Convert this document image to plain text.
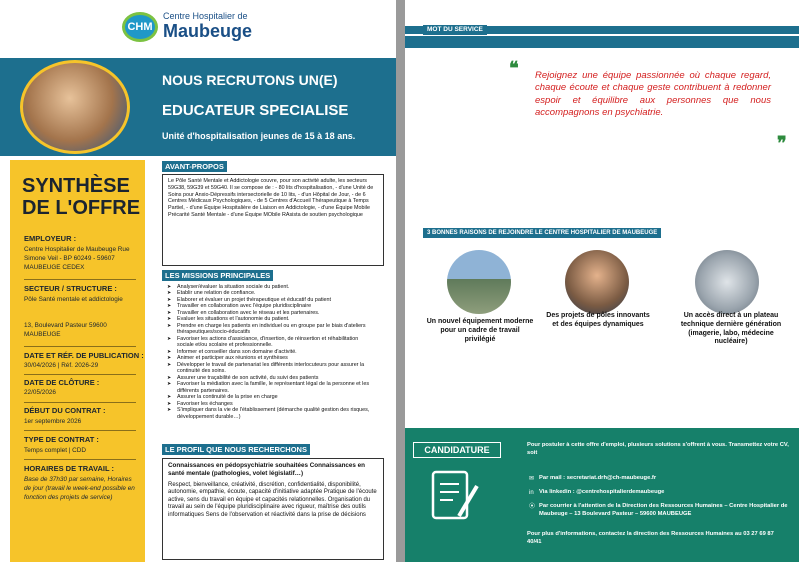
CHM
Centre Hospitalier de
Maubeuge
NOUS RECRUTONS UN(E)
EDUCATEUR SPECIALISE
Unité d'hospitalisation jeunes de 15 à 18 ans.
SYNTHÈSE
DE L'OFFRE
EMPLOYEUR :
Centre Hospitalier de Maubeuge Rue Simone Veil - BP 60249 - 59607 MAUBEUGE CEDEX
SECTEUR / STRUCTURE :
Pôle Santé mentale et addictologie
13, Boulevard Pasteur 59600 MAUBEUGE
DATE ET RÉF. DE PUBLICATION :
30/04/2026 | Réf. 2026-29
DATE DE CLÔTURE :
22/05/2026
DÉBUT DU CONTRAT :
1er septembre 2026
TYPE DE CONTRAT :
Temps complet | CDD
HORAIRES DE TRAVAIL :
Base de 37h30 par semaine, Horaires de jour (travail le week-end possible en fonction des projets de service)
AVANT-PROPOS
Le Pôle Santé Mentale et Addictologie couvre, pour son activité adulte, les secteurs 59G38, 59G39 et 59G40. Il se compose de : - 80 lits d'hospitalisation, - d'une Unité de Soins pour Anxio-Dépressifs intersectorielle de 10 lits, - d'un Hôpital de Jour, - de 6 Centres Médicaux Psychologiques, - de 5 Centres d'Accueil Thérapeutique à Temps Partiel, - d'une Équipe Hospitalière de Liaison en Addictologie, - d'une Équipe Mobile Précarité Santé Mentale - d'une Équipe MObile RAsista de soutien psychologique
LES MISSIONS PRINCIPALES
➤ Analyser/évaluer la situation sociale du patient.
➤ Etablir une relation de confiance.
➤ Elaborer et évaluer un projet thérapeutique et éducatif du patient
➤ Travailler en collaboration avec l'équipe pluridisciplinaire
➤ Travailler en collaboration avec le réseau et les partenaires.
➤ Evaluer les situations et l'autonomie du patient.
➤ Prendre en charge les patients en individuel ou en groupe par le biais d'ateliers thérapeutiques/socio-éducatifs
➤ Favoriser les actions d'assiciance, d'insertion, de réinsertion et réhabilitation sociale et/ou scolaire et professionnelle.
➤ Informer et conseiller dans son domaine d'activité.
➤ Animer et participer aux réunions et synthèses
➤ Développer le travail de partenariat les différents interlocuteurs pour assurer la continuité des soins.
➤ Assurer une traçabilité de son activité, du suivi des patients
➤ Favoriser la médiation avec la famille, le représentant légal de la personne et les différents partenaires.
➤ Assurer la continuité de la prise en charge
➤ Favoriser les échanges
➤ S'impliquer dans la vie de l'établissement (démarche qualité gestion des risques, développement durable…)
LE PROFIL QUE NOUS RECHERCHONS
Connaissances en pédopsychiatrie souhaitées Connaissances en santé mentale (pathologies, volet législatif…)
Respect, bienveillance, créativité, discrétion, confidentialité, disponibilité, autonomie, empathie, écoute, capacité d'initiative adaptée Pratique de l'écoute active, sens du travail en équipe et capacités relationnelles. Organisation du travail au sein de l'équipe pluridisciplinaire avec rigueur, maîtrise des outils informatiques Sens de l'observation et réactivité dans la prise de décisions
MOT DU SERVICE
❝ Rejoignez une équipe passionnée où chaque regard, chaque écoute et chaque geste contribuent à redonner espoir et équilibre aux personnes que nous accompagnons en psychiatrie.
❞
3 BONNES RAISONS DE REJOINDRE LE CENTRE HOSPITALIER DE MAUBEUGE
Un nouvel équipement moderne pour un cadre de travail privilégié
Des projets de pôles innovants et des équipes dynamiques
Un accès direct à un plateau technique dernière génération (imagerie, labo, médecine nucléaire)
CANDIDATURE	Pour postuler à cette offre d'emploi, plusieurs solutions s'offrent à vous. Transmettez votre CV, soit
✉ Par mail : secretariat.drh@ch-maubeuge.fr
in Via linkedin : @centrehospitalierdemaubeuge
⦿ Par courrier à l'attention de la Direction des Ressources Humaines – Centre Hospitalier de Maubeuge – 13 Boulevard Pasteur – 59600 MAUBEUGE
Pour plus d'informations, contactez la direction des Ressources Humaines au 03 27 69 87 40/41
